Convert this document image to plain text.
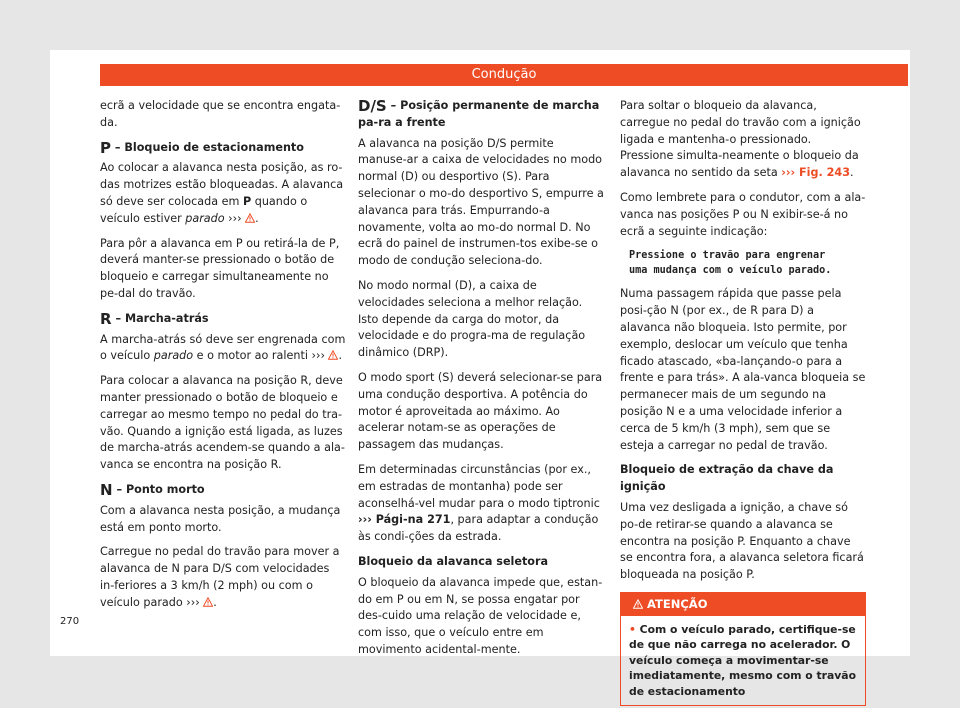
Condução

ecrã a velocidade que se encontra engata-da.

P – Bloqueio de estacionamento

Ao colocar a alavanca nesta posição, as ro-das motrizes estão bloqueadas. A alavanca só deve ser colocada em P quando o veículo estiver parado ››› .

Para pôr a alavanca em P ou retirá-la de P, deverá manter-se pressionado o botão de bloqueio e carregar simultaneamente no pe-dal do travão.

R – Marcha-atrás

A marcha-atrás só deve ser engrenada com o veículo parado e o motor ao ralenti ››› .

Para colocar a alavanca na posição R, deve manter pressionado o botão de bloqueio e carregar ao mesmo tempo no pedal do tra-vão. Quando a ignição está ligada, as luzes de marcha-atrás acendem-se quando a ala-vanca se encontra na posição R.

N – Ponto morto

Com a alavanca nesta posição, a mudança está em ponto morto.

Carregue no pedal do travão para mover a alavanca de N para D/S com velocidades in-feriores a 3 km/h (2 mph) ou com o veículo parado ››› .

D/S – Posição permanente de marcha pa-ra a frente

A alavanca na posição D/S permite manuse-ar a caixa de velocidades no modo normal (D) ou desportivo (S). Para selecionar o mo-do desportivo S, empurre a alavanca para trás. Empurrando-a novamente, volta ao mo-do normal D. No ecrã do painel de instrumen-tos exibe-se o modo de condução seleciona-do.

No modo normal (D), a caixa de velocidades seleciona a melhor relação. Isto depende da carga do motor, da velocidade e do progra-ma de regulação dinâmico (DRP).

O modo sport (S) deverá selecionar-se para uma condução desportiva. A potência do motor é aproveitada ao máximo. Ao acelerar notam-se as operações de passagem das mudanças.

Em determinadas circunstâncias (por ex., em estradas de montanha) pode ser aconselhá-vel mudar para o modo tiptronic ››› Pági-na 271, para adaptar a condução às condi-ções da estrada.

Bloqueio da alavanca seletora

O bloqueio da alavanca impede que, estan-do em P ou em N, se possa engatar por des-cuido uma relação de velocidade e, com isso, que o veículo entre em movimento acidental-mente.

Para soltar o bloqueio da alavanca, carregue no pedal do travão com a ignição ligada e mantenha-o pressionado. Pressione simulta-neamente o bloqueio da alavanca no sentido da seta ››› Fig. 243.

Como lembrete para o condutor, com a ala-vanca nas posições P ou N exibir-se-á no ecrã a seguinte indicação:

Pressione o travão para engrenar
uma mudança com o veículo parado.

Numa passagem rápida que passe pela posi-ção N (por ex., de R para D) a alavanca não bloqueia. Isto permite, por exemplo, deslocar um veículo que tenha ficado atascado, «ba-lançando-o para a frente e para trás». A ala-vanca bloqueia se permanecer mais de um segundo na posição N e a uma velocidade inferior a cerca de 5 km/h (3 mph), sem que se esteja a carregar no pedal de travão.

Bloqueio de extração da chave da ignição

Uma vez desligada a ignição, a chave só po-de retirar-se quando a alavanca se encontra na posição P. Enquanto a chave se encontra fora, a alavanca seletora ficará bloqueada na posição P.

ATENÇÃO
• Com o veículo parado, certifique-se de que não carrega no acelerador. O veículo começa a movimentar-se imediatamente, mesmo com o travão de estacionamento
270
